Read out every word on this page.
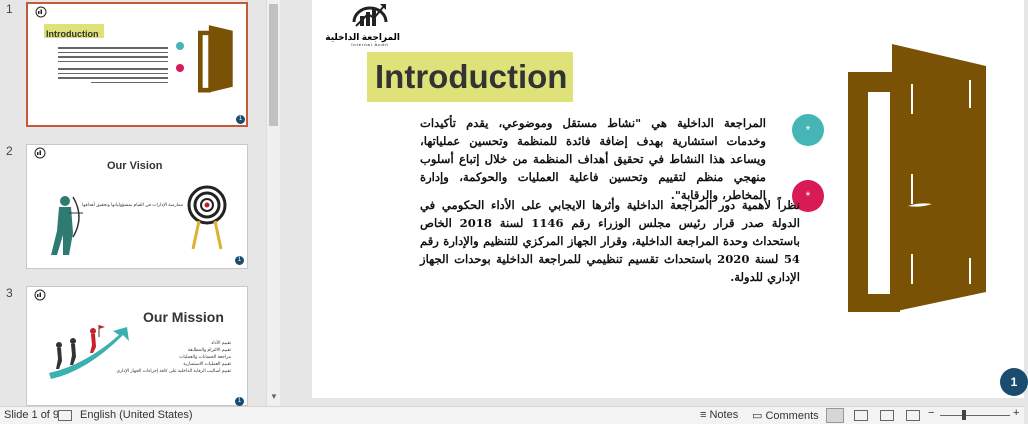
1
Introduction
1
2
Our Vision
ممارسة الإدارات في القيام بمسؤولياتها وتحقيق أهدافها
1
3
Our Mission
تقييم الأداء
تقييم الالتزام والمطابقة
مراجعة الحسابات والعمليات
تقييم العمليات الاستشارية
تقييم أساليب الرقابة الداخلية على كافة إجراءات الجهاز الإداري
1	▼
المراجعة الداخلية
Internal Audit
Introduction
*
*

المراجعة الداخلية هي "نشاط مستقل وموضوعي، يقدم تأكيدات وخدمات استشارية بهدف إضافة فائدة للمنظمة وتحسين عملياتها، ويساعد هذا النشاط في تحقيق أهداف المنظمة من خلال إتباع أسلوب منهجي منظم لتقييم وتحسين فاعلية العمليات والحوكمة، وإدارة المخاطر، والرقابة".

نظراً لأهمية دور المراجعة الداخلية وأثرها الايجابي على الأداء الحكومي في الدولة صدر قرار رئيس مجلس الوزراء رقم 1146 لسنة 2018 الخاص باستحداث وحدة المراجعة الداخلية، وقرار الجهاز المركزي للتنظيم والإدارة رقم 54 لسنة 2020 باستحداث تقسيم تنظيمي للمراجعة الداخلية بوحدات الجهاز الإداري للدولة.

1
Slide 1 of 9 English (United States)	≡ Notes ▭ Comments	−	+
